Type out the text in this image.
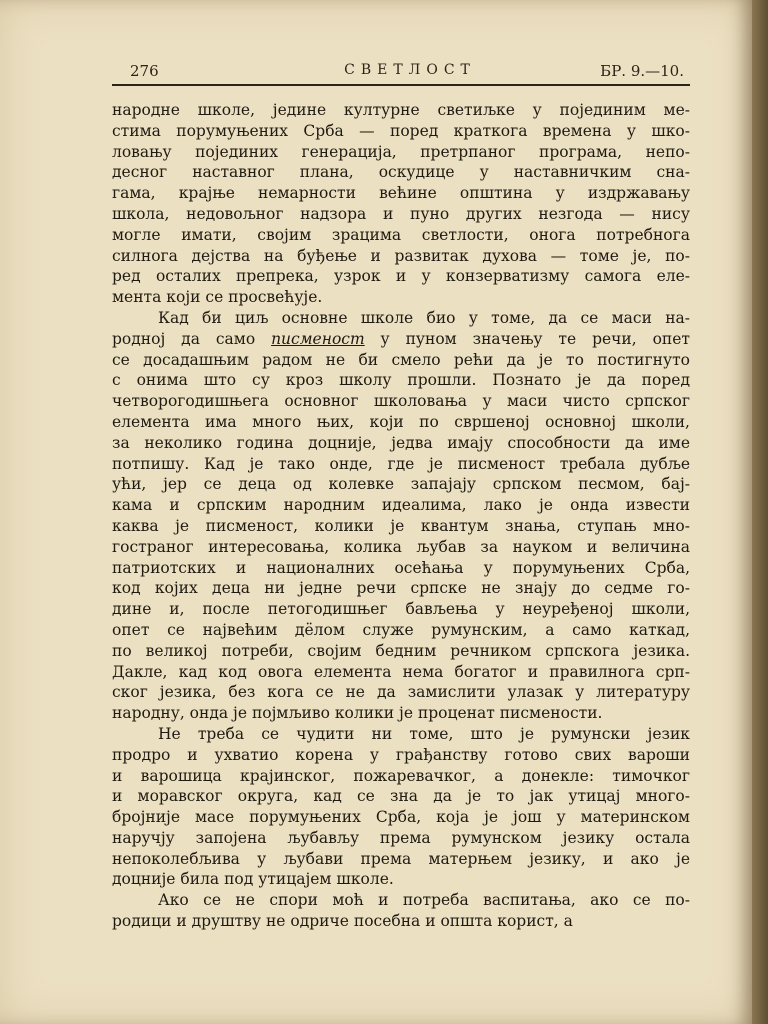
276	СВЕТЛОСТ	БР. 9.—10.
народне школе, једине културне светиљке у појединим ме-
стима порумуњених Срба — поред краткога времена у шко-
ловању појединих генерација, претрпаног програма, непо-
десног наставног плана, оскудице у наставничким сна-
гама, крајње немарности већине општина у издржавању
школа, недовољног надзора и пуно других незгода — нису
могле имати, својим зрацима светлости, онога потребнога
силнога дејства на буђење и развитак духова — томе је, по-
ред осталих препрека, узрок и у конзерватизму самога еле-
мента који се просвећује.
Кад би циљ основне школе био у томе, да се маси на-
родној да само писменост у пуном значењу те речи, опет
се досадашњим радом не би смело рећи да је то постигнуто
с онима што су кроз школу прошли. Познато је да поред
четворогодишњега основног школовања у маси чисто српског
елемента има много њих, који по свршеној основној школи,
за неколико година доцније, једва имају способности да име
потпишу. Кад је тако онде, где је писменост требала дубље
ући, јер се деца од колевке запајају српском песмом, бај-
кама и српским народним идеалима, лако је онда извести
каква је писменост, колики је квантум знања, ступањ мно-
гостраног интересовања, колика љубав за науком и величина
патриотских и националних осећања у порумуњених Срба,
код којих деца ни једне речи српске не знају до седме го-
дине и, после петогодишњег бављења у неуређеној школи,
опет се највећим дёлом служе румунским, а само каткад,
по великој потреби, својим бедним речником српскога језика.
Дакле, кад код овога елемента нема богатог и правилнога срп-
ског језика, без кога се не да замислити улазак у литературу
народну, онда је појмљиво колики је проценат писмености.
Не треба се чудити ни томе, што је румунски језик
продро и ухватио корена у грађанству готово свих вароши
и варошица крајинског, пожаревачког, а донекле: тимочког
и моравског округа, кад се зна да је то јак утицај много-
бројније масе порумуњених Срба, која је још у материнском
наручју запојена љубављу према румунском језику остала
непоколебљива у љубави према матерњем језику, и ако је
доцније била под утицајем школе.
Ако се не спори моћ и потреба васпитања, ако се по-
родици и друштву не одриче посебна и општа корист, а
